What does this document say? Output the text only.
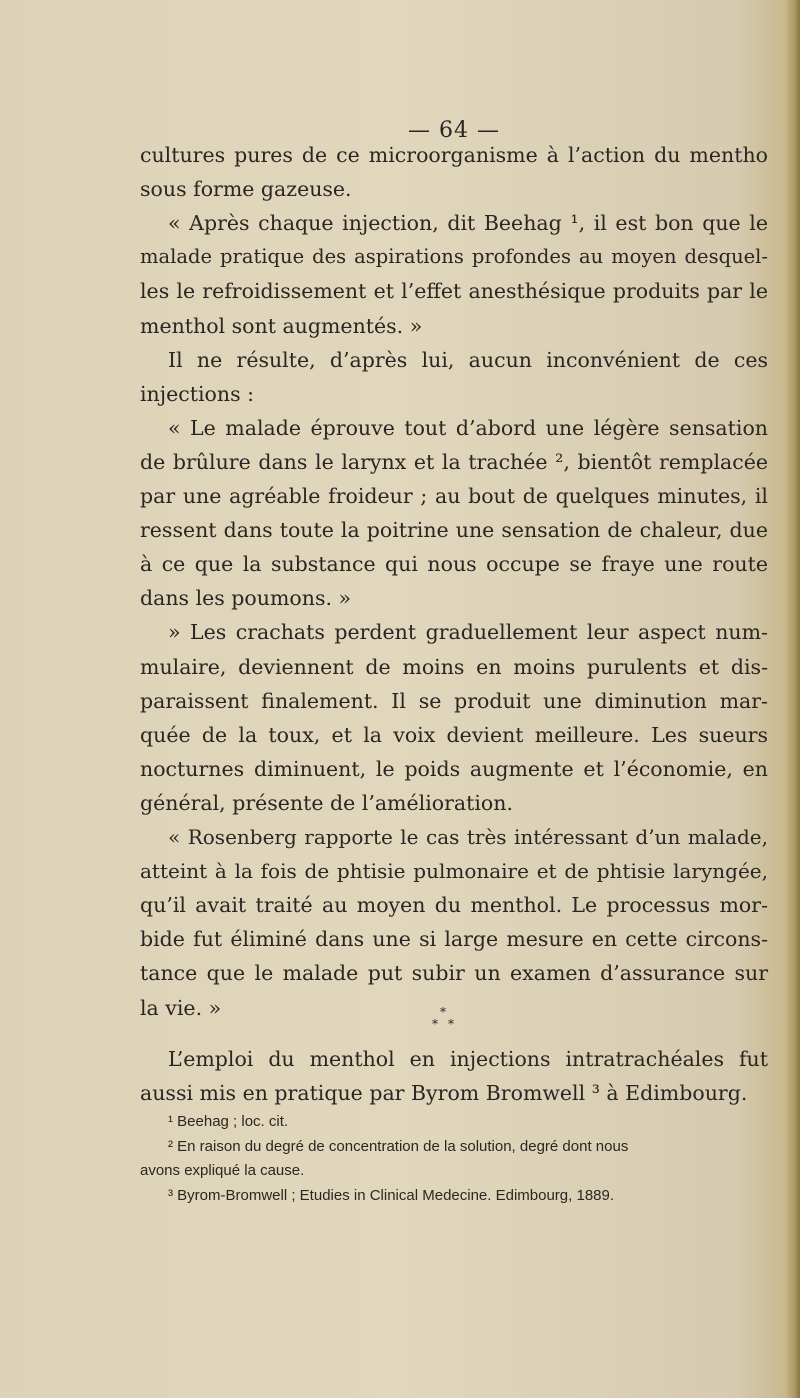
— 64 —
cultures pures de ce microorganisme à l’action du mentho
sous forme gazeuse.
« Après chaque injection, dit Beehag ¹, il est bon que le
malade pratique des aspirations profondes au moyen desquel-
les le refroidissement et l’effet anesthésique produits par le
menthol sont augmentés. »
Il ne résulte, d’après lui, aucun inconvénient de ces
injections :
« Le malade éprouve tout d’abord une légère sensation
de brûlure dans le larynx et la trachée ², bientôt remplacée
par une agréable froideur ; au bout de quelques minutes, il
ressent dans toute la poitrine une sensation de chaleur, due
à ce que la substance qui nous occupe se fraye une route
dans les poumons. »
» Les crachats perdent graduellement leur aspect num-
mulaire, deviennent de moins en moins purulents et dis-
paraissent finalement. Il se produit une diminution mar-
quée de la toux, et la voix devient meilleure. Les sueurs
nocturnes diminuent, le poids augmente et l’économie, en
général, présente de l’amélioration.
« Rosenberg rapporte le cas très intéressant d’un malade,
atteint à la fois de phtisie pulmonaire et de phtisie laryngée,
qu’il avait traité au moyen du menthol. Le processus mor-
bide fut éliminé dans une si large mesure en cette circons-
tance que le malade put subir un examen d’assurance sur
la vie. »	*
* *
L’emploi du menthol en injections intratrachéales fut
aussi mis en pratique par Byrom Bromwell ³ à Edimbourg.
¹ Beehag ; loc. cit.
² En raison du degré de concentration de la solution, degré dont nous
avons expliqué la cause.
³ Byrom-Bromwell ; Etudies in Clinical Medecine. Edimbourg, 1889.
